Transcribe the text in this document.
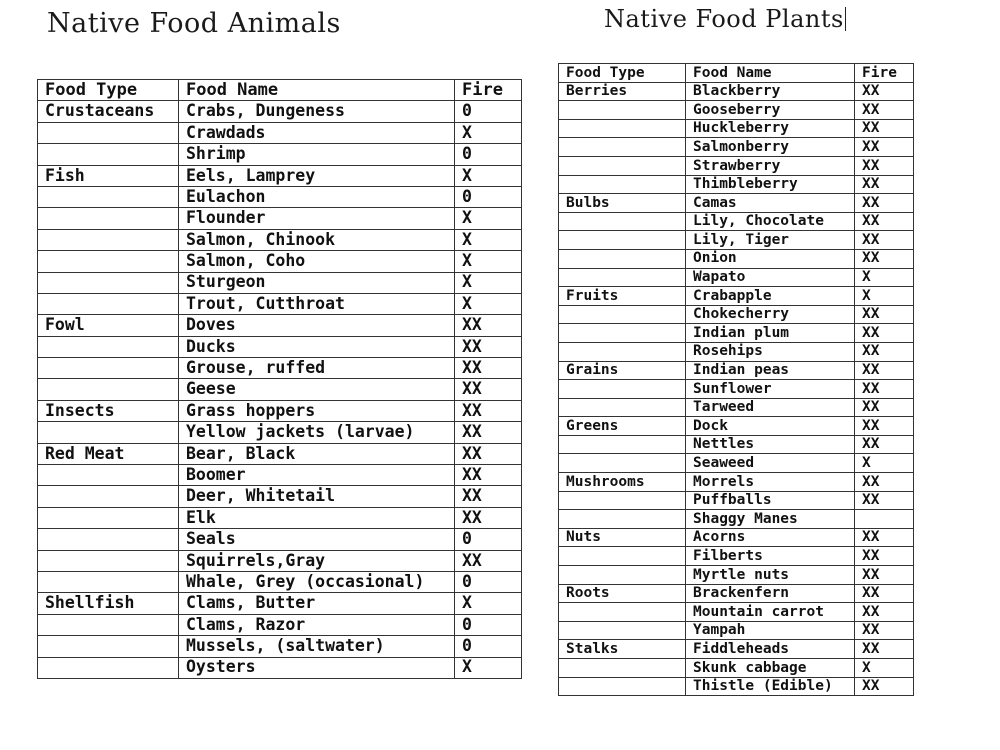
Native Food Animals
Food Type	Food Name	Fire
Crustaceans	Crabs, Dungeness	0
	Crawdads	X
	Shrimp	0
Fish	Eels, Lamprey	X
	Eulachon	0
	Flounder	X
	Salmon, Chinook	X
	Salmon, Coho	X
	Sturgeon	X
	Trout, Cutthroat	X
Fowl	Doves	XX
	Ducks	XX
	Grouse, ruffed	XX
	Geese	XX
Insects	Grass hoppers	XX
	Yellow jackets (larvae)	XX
Red Meat	Bear, Black	XX
	Boomer	XX
	Deer, Whitetail	XX
	Elk	XX
	Seals	0
	Squirrels,Gray	XX
	Whale, Grey (occasional)	0
Shellfish	Clams, Butter	X
	Clams, Razor	0
	Mussels, (saltwater)	0
	Oysters	X
Native Food Plants
Food Type	Food Name	Fire
Berries	Blackberry	XX
	Gooseberry	XX
	Huckleberry	XX
	Salmonberry	XX
	Strawberry	XX
	Thimbleberry	XX
Bulbs	Camas	XX
	Lily, Chocolate	XX
	Lily, Tiger	XX
	Onion	XX
	Wapato	X
Fruits	Crabapple	X
	Chokecherry	XX
	Indian plum	XX
	Rosehips	XX
Grains	Indian peas	XX
	Sunflower	XX
	Tarweed	XX
Greens	Dock	XX
	Nettles	XX
	Seaweed	X
Mushrooms	Morrels	XX
	Puffballs	XX
	Shaggy Manes	
Nuts	Acorns	XX
	Filberts	XX
	Myrtle nuts	XX
Roots	Brackenfern	XX
	Mountain carrot	XX
	Yampah	XX
Stalks	Fiddleheads	XX
	Skunk cabbage	X
	Thistle (Edible)	XX
